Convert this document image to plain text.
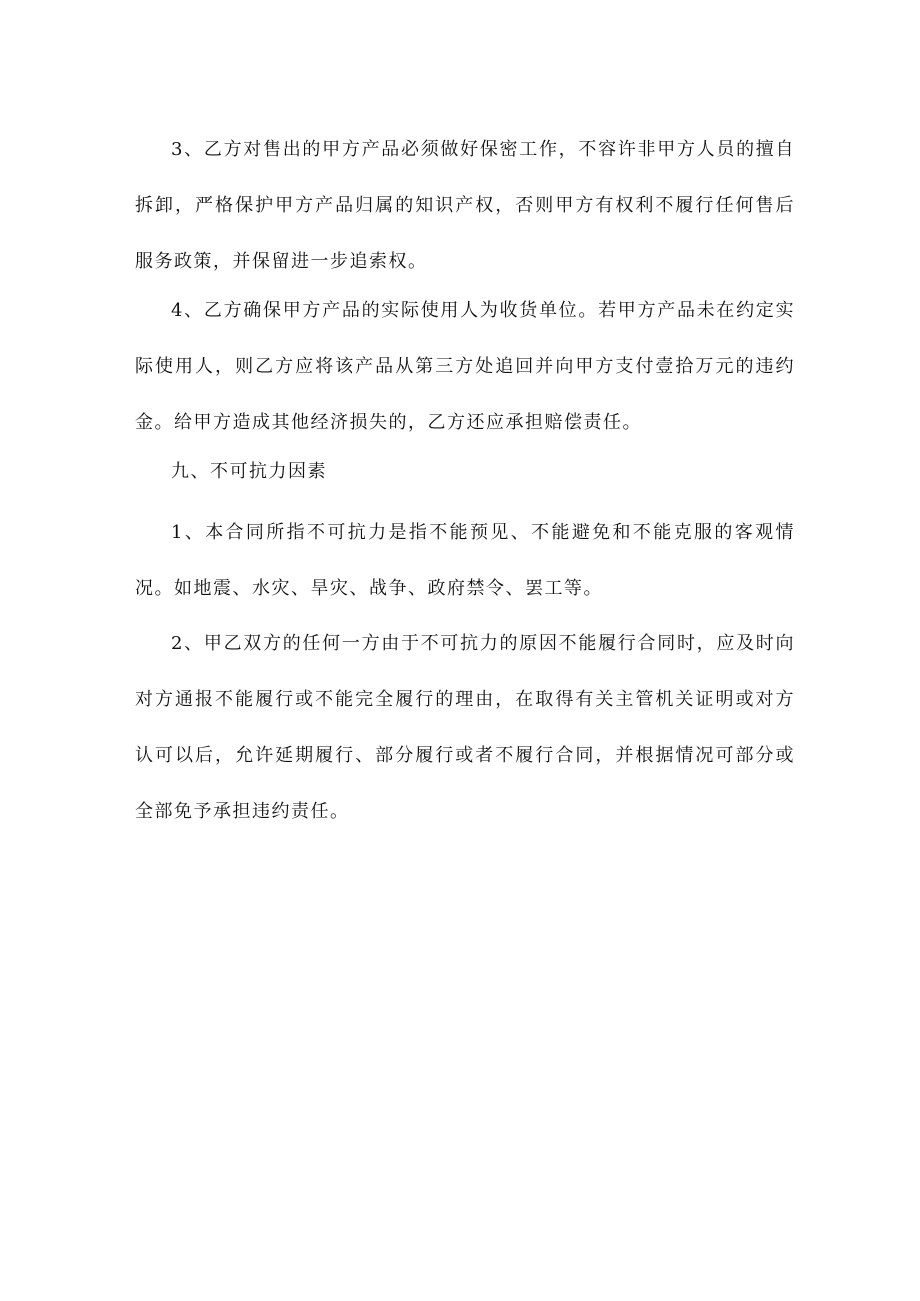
3、乙方对售出的甲方产品必须做好保密工作，不容许非甲方人员的擅自拆卸，严格保护甲方产品归属的知识产权，否则甲方有权利不履行任何售后服务政策，并保留进一步追索权。

4、乙方确保甲方产品的实际使用人为收货单位。若甲方产品未在约定实际使用人，则乙方应将该产品从第三方处追回并向甲方支付壹拾万元的违约金。给甲方造成其他经济损失的，乙方还应承担赔偿责任。

九、不可抗力因素

1、本合同所指不可抗力是指不能预见、不能避免和不能克服的客观情况。如地震、水灾、旱灾、战争、政府禁令、罢工等。

2、甲乙双方的任何一方由于不可抗力的原因不能履行合同时，应及时向对方通报不能履行或不能完全履行的理由，在取得有关主管机关证明或对方认可以后，允许延期履行、部分履行或者不履行合同，并根据情况可部分或全部免予承担违约责任。
